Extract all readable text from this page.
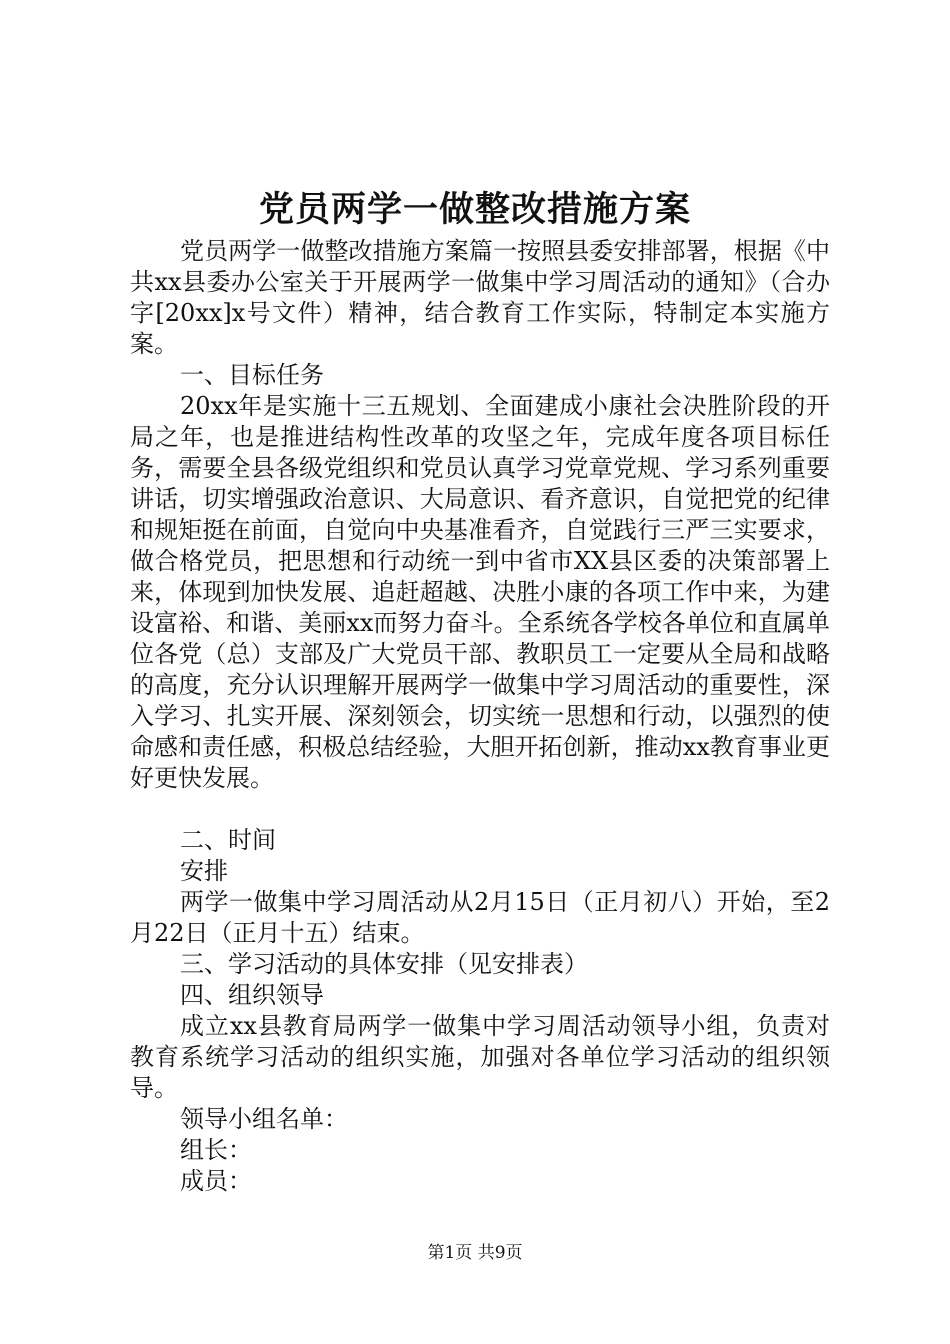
党员两学一做整改措施方案

党员两学一做整改措施方案篇一按照县委安排部署，根据《中共xx县委办公室关于开展两学一做集中学习周活动的通知》（合办字[20xx]x号文件）精神，结合教育工作实际，特制定本实施方案。

一、目标任务

20xx年是实施十三五规划、全面建成小康社会决胜阶段的开局之年，也是推进结构性改革的攻坚之年，完成年度各项目标任务，需要全县各级党组织和党员认真学习党章党规、学习系列重要讲话，切实增强政治意识、大局意识、看齐意识，自觉把党的纪律和规矩挺在前面，自觉向中央基准看齐，自觉践行三严三实要求，做合格党员，把思想和行动统一到中省市XX县区委的决策部署上来，体现到加快发展、追赶超越、决胜小康的各项工作中来，为建设富裕、和谐、美丽xx而努力奋斗。全系统各学校各单位和直属单位各党（总）支部及广大党员干部、教职员工一定要从全局和战略的高度，充分认识理解开展两学一做集中学习周活动的重要性，深入学习、扎实开展、深刻领会，切实统一思想和行动，以强烈的使命感和责任感，积极总结经验，大胆开拓创新，推动xx教育事业更好更快发展。

二、时间

安排

两学一做集中学习周活动从2月15日（正月初八）开始，至2月22日（正月十五）结束。

三、学习活动的具体安排（见安排表）

四、组织领导

成立xx县教育局两学一做集中学习周活动领导小组，负责对教育系统学习活动的组织实施，加强对各单位学习活动的组织领导。

领导小组名单：

组长：

成员：

第1页 共9页
